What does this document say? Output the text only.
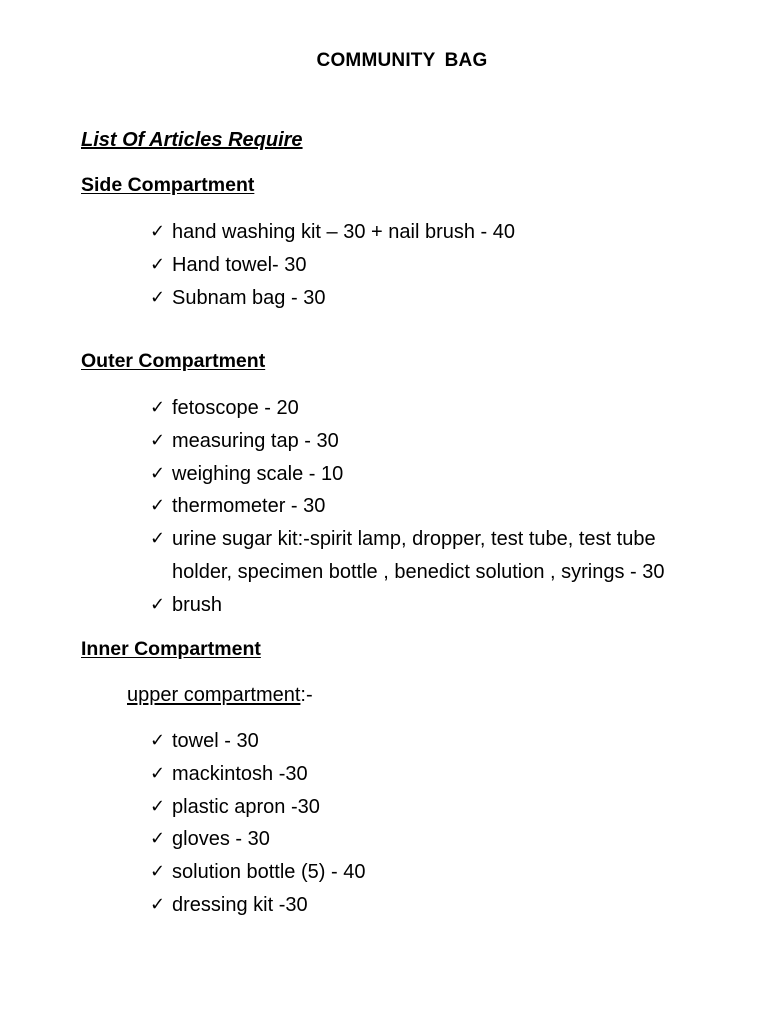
COMMUNITY BAG
List Of Articles Require
Side Compartment
✓ hand washing kit – 30 + nail brush - 40
✓ Hand towel- 30
✓ Subnam bag - 30
Outer Compartment
✓ fetoscope - 20
✓ measuring tap - 30
✓ weighing scale - 10
✓ thermometer - 30
✓ urine sugar kit:-spirit lamp, dropper, test tube, test tube holder, specimen bottle , benedict solution , syrings - 30
✓ brush
Inner Compartment
upper compartment:-
✓ towel - 30
✓ mackintosh -30
✓ plastic apron -30
✓ gloves - 30
✓ solution bottle (5) - 40
✓ dressing kit -30
